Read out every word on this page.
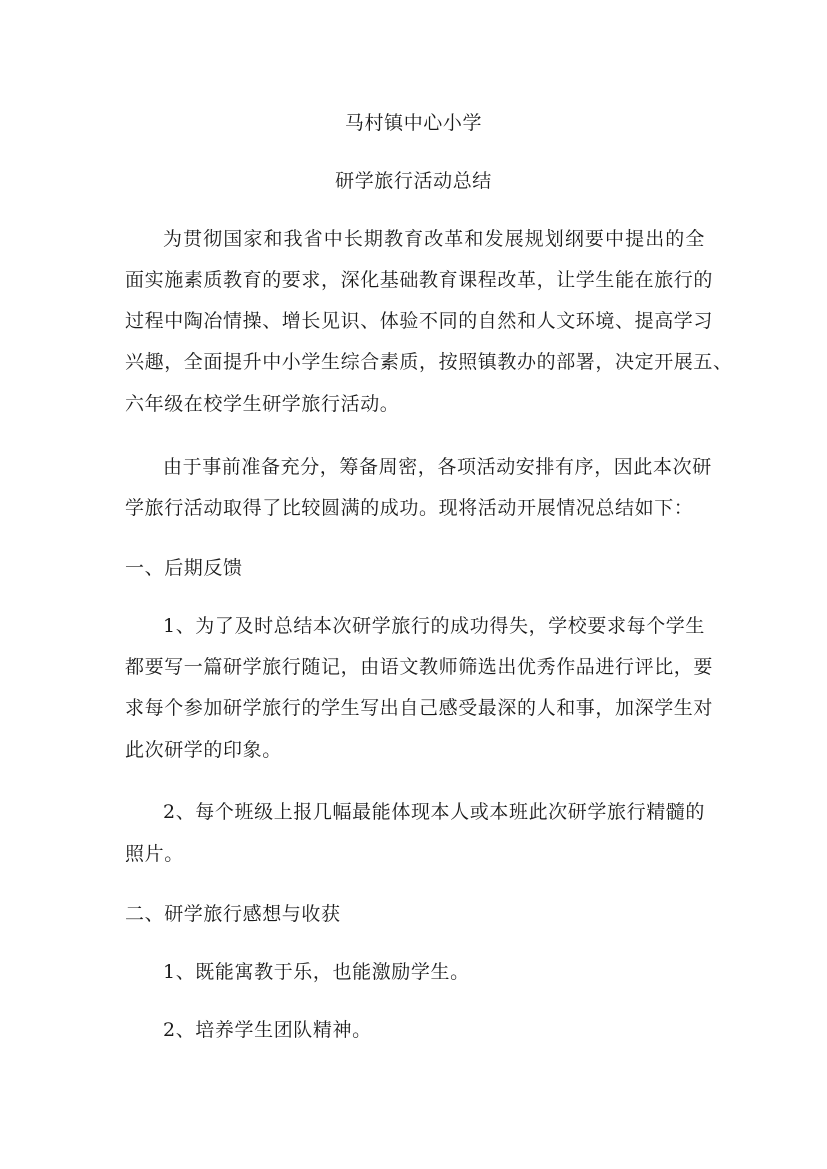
马村镇中心小学
研学旅行活动总结
为贯彻国家和我省中长期教育改革和发展规划纲要中提出的全
面实施素质教育的要求，深化基础教育课程改革，让学生能在旅行的
过程中陶冶情操、增长见识、体验不同的自然和人文环境、提高学习
兴趣，全面提升中小学生综合素质，按照镇教办的部署，决定开展五、
六年级在校学生研学旅行活动。
由于事前准备充分，筹备周密，各项活动安排有序，因此本次研
学旅行活动取得了比较圆满的成功。现将活动开展情况总结如下：
一、后期反馈
1、为了及时总结本次研学旅行的成功得失，学校要求每个学生
都要写一篇研学旅行随记，由语文教师筛选出优秀作品进行评比，要
求每个参加研学旅行的学生写出自己感受最深的人和事，加深学生对
此次研学的印象。
2、每个班级上报几幅最能体现本人或本班此次研学旅行精髓的
照片。
二、研学旅行感想与收获
1、既能寓教于乐，也能激励学生。
2、培养学生团队精神。
